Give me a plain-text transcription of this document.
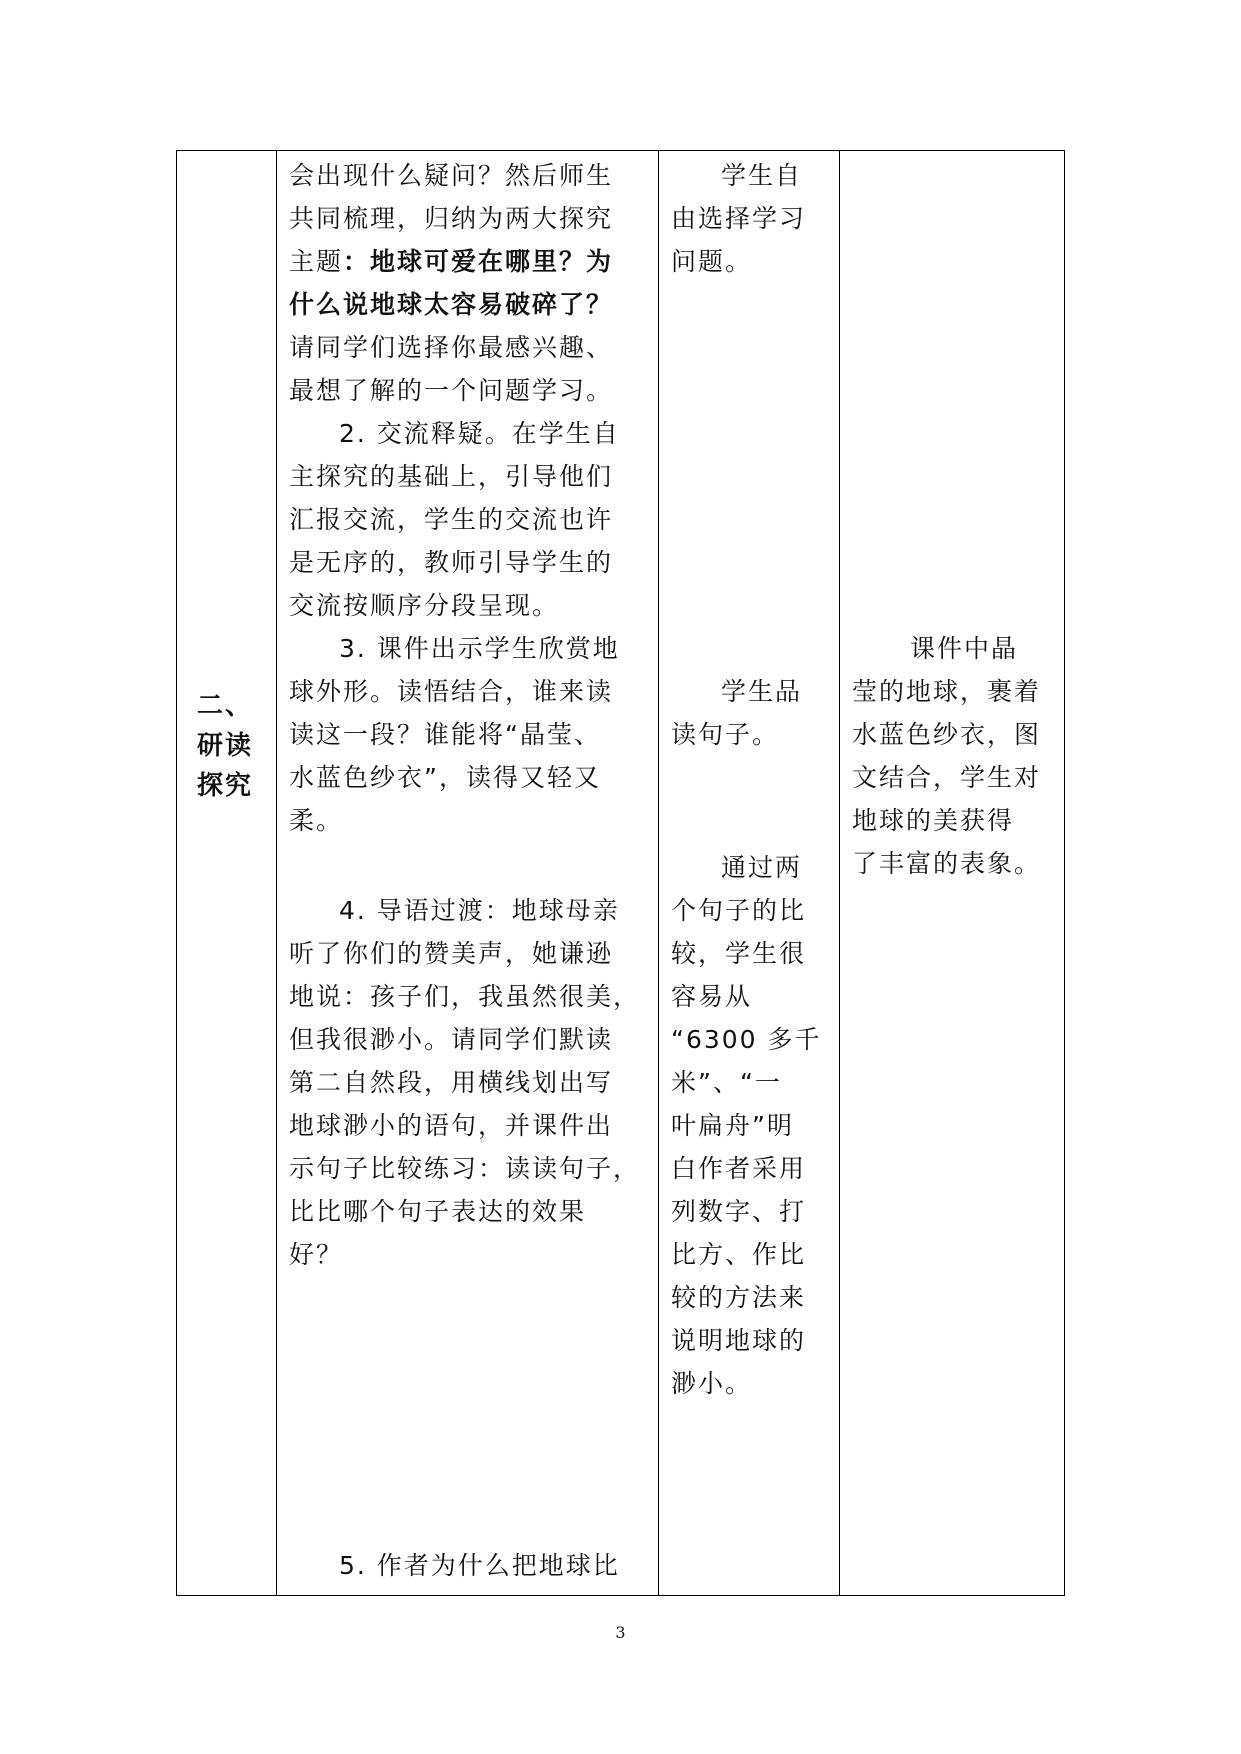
二、
研读
探究

会出现什么疑问？然后师生
共同梳理，归纳为两大探究
主题：地球可爱在哪里？为
什么说地球太容易破碎了？
请同学们选择你最感兴趣、
最想了解的一个问题学习。
2. 交流释疑。在学生自
主探究的基础上，引导他们
汇报交流，学生的交流也许
是无序的，教师引导学生的
交流按顺序分段呈现。
3. 课件出示学生欣赏地
球外形。读悟结合，谁来读
读这一段？谁能将“晶莹、
水蓝色纱衣”，读得又轻又
柔。
4. 导语过渡：地球母亲
听了你们的赞美声，她谦逊
地说：孩子们，我虽然很美，
但我很渺小。请同学们默读
第二自然段，用横线划出写
地球渺小的语句，并课件出
示句子比较练习：读读句子，
比比哪个句子表达的效果
好？
5. 作者为什么把地球比

学生自
由选择学习
问题。
学生品
读句子。
通过两
个句子的比
较，学生很
容易从
“6300 多千
米”、“一
叶扁舟”明
白作者采用
列数字、打
比方、作比
较的方法来
说明地球的
渺小。

课件中晶
莹的地球，裹着
水蓝色纱衣，图
文结合，学生对
地球的美获得
了丰富的表象。
3
